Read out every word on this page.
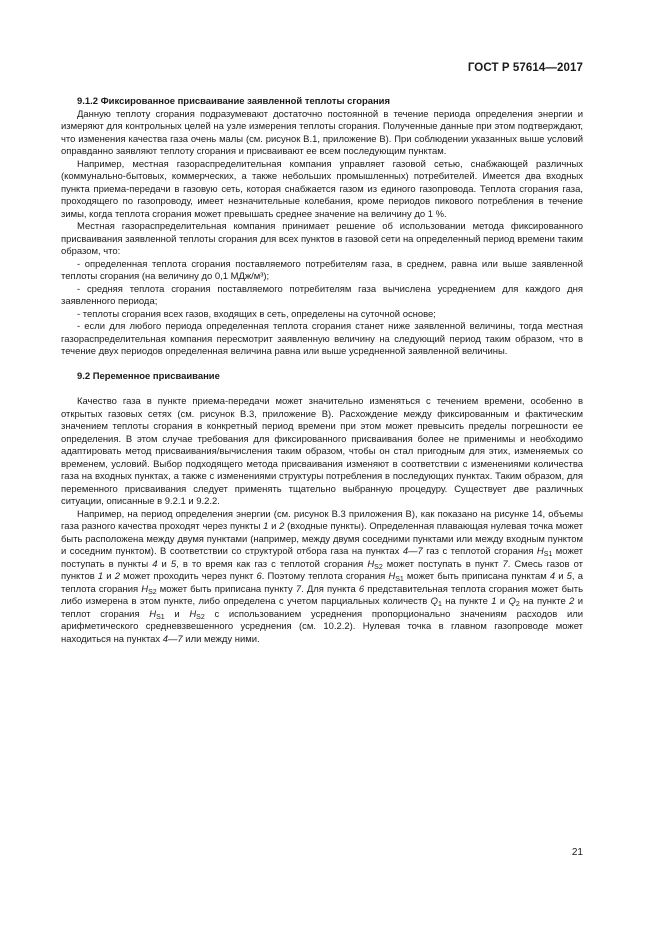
ГОСТ Р 57614—2017

9.1.2 Фиксированное присваивание заявленной теплоты сгорания

Данную теплоту сгорания подразумевают достаточно постоянной в течение периода определения энергии и измеряют для контрольных целей на узле измерения теплоты сгорания. Полученные данные при этом подтверждают, что изменения качества газа очень малы (см. рисунок В.1, приложение В). При соблюдении указанных выше условий оправданно заявляют теплоту сгорания и присваивают ее всем последующим пунктам.

Например, местная газораспределительная компания управляет газовой сетью, снабжающей различных (коммунально-бытовых, коммерческих, а также небольших промышленных) потребителей. Имеется два входных пункта приема-передачи в газовую сеть, которая снабжается газом из единого газопровода. Теплота сгорания газа, проходящего по газопроводу, имеет незначительные колебания, кроме периодов пикового потребления в течение зимы, когда теплота сгорания может превышать среднее значение на величину до 1 %.

Местная газораспределительная компания принимает решение об использовании метода фиксированного присваивания заявленной теплоты сгорания для всех пунктов в газовой сети на определенный период времени таким образом, что:

- определенная теплота сгорания поставляемого потребителям газа, в среднем, равна или выше заявленной теплоты сгорания (на величину до 0,1 МДж/м³);

- средняя теплота сгорания поставляемого потребителям газа вычислена усреднением для каждого дня заявленного периода;

- теплоты сгорания всех газов, входящих в сеть, определены на суточной основе;

- если для любого периода определенная теплота сгорания станет ниже заявленной величины, тогда местная газораспределительная компания пересмотрит заявленную величину на следующий период таким образом, что в течение двух периодов определенная величина равна или выше усредненной заявленной величины.

9.2 Переменное присваивание

Качество газа в пункте приема-передачи может значительно изменяться с течением времени, особенно в открытых газовых сетях (см. рисунок В.3, приложение В). Расхождение между фиксированным и фактическим значением теплоты сгорания в конкретный период времени при этом может превысить пределы погрешности ее определения. В этом случае требования для фиксированного присваивания более не применимы и необходимо адаптировать метод присваивания/вычисления таким образом, чтобы он стал пригодным для этих, изменяемых со временем, условий. Выбор подходящего метода присваивания изменяют в соответствии с изменениями количества газа на входных пунктах, а также с изменениями структуры потребления в последующих пунктах. Таким образом, для переменного присваивания следует применять тщательно выбранную процедуру. Существует две различных ситуации, описанные в 9.2.1 и 9.2.2.

Например, на период определения энергии (см. рисунок В.3 приложения В), как показано на рисунке 14, объемы газа разного качества проходят через пункты 1 и 2 (входные пункты). Определенная плавающая нулевая точка может быть расположена между двумя пунктами (например, между двумя соседними пунктами или между входным пунктом и соседним пунктом). В соответствии со структурой отбора газа на пунктах 4—7 газ с теплотой сгорания $H_{S1}$ может поступать в пункты 4 и 5, в то время как газ с теплотой сгорания $H_{S2}$ может поступать в пункт 7. Смесь газов от пунктов 1 и 2 может проходить через пункт 6. Поэтому теплота сгорания $H_{S1}$ может быть приписана пунктам 4 и 5, а теплота сгорания $H_{S2}$ может быть приписана пункту 7. Для пункта 6 представительная теплота сгорания может быть либо измерена в этом пункте, либо определена с учетом парциальных количеств $Q_1$ на пункте 1 и $Q_2$ на пункте 2 и теплот сгорания $H_{S1}$ и $H_{S2}$ с использованием усреднения пропорционально значениям расходов или арифметического средневзвешенного усреднения (см. 10.2.2). Нулевая точка в главном газопроводе может находиться на пунктах 4—7 или между ними.

21
